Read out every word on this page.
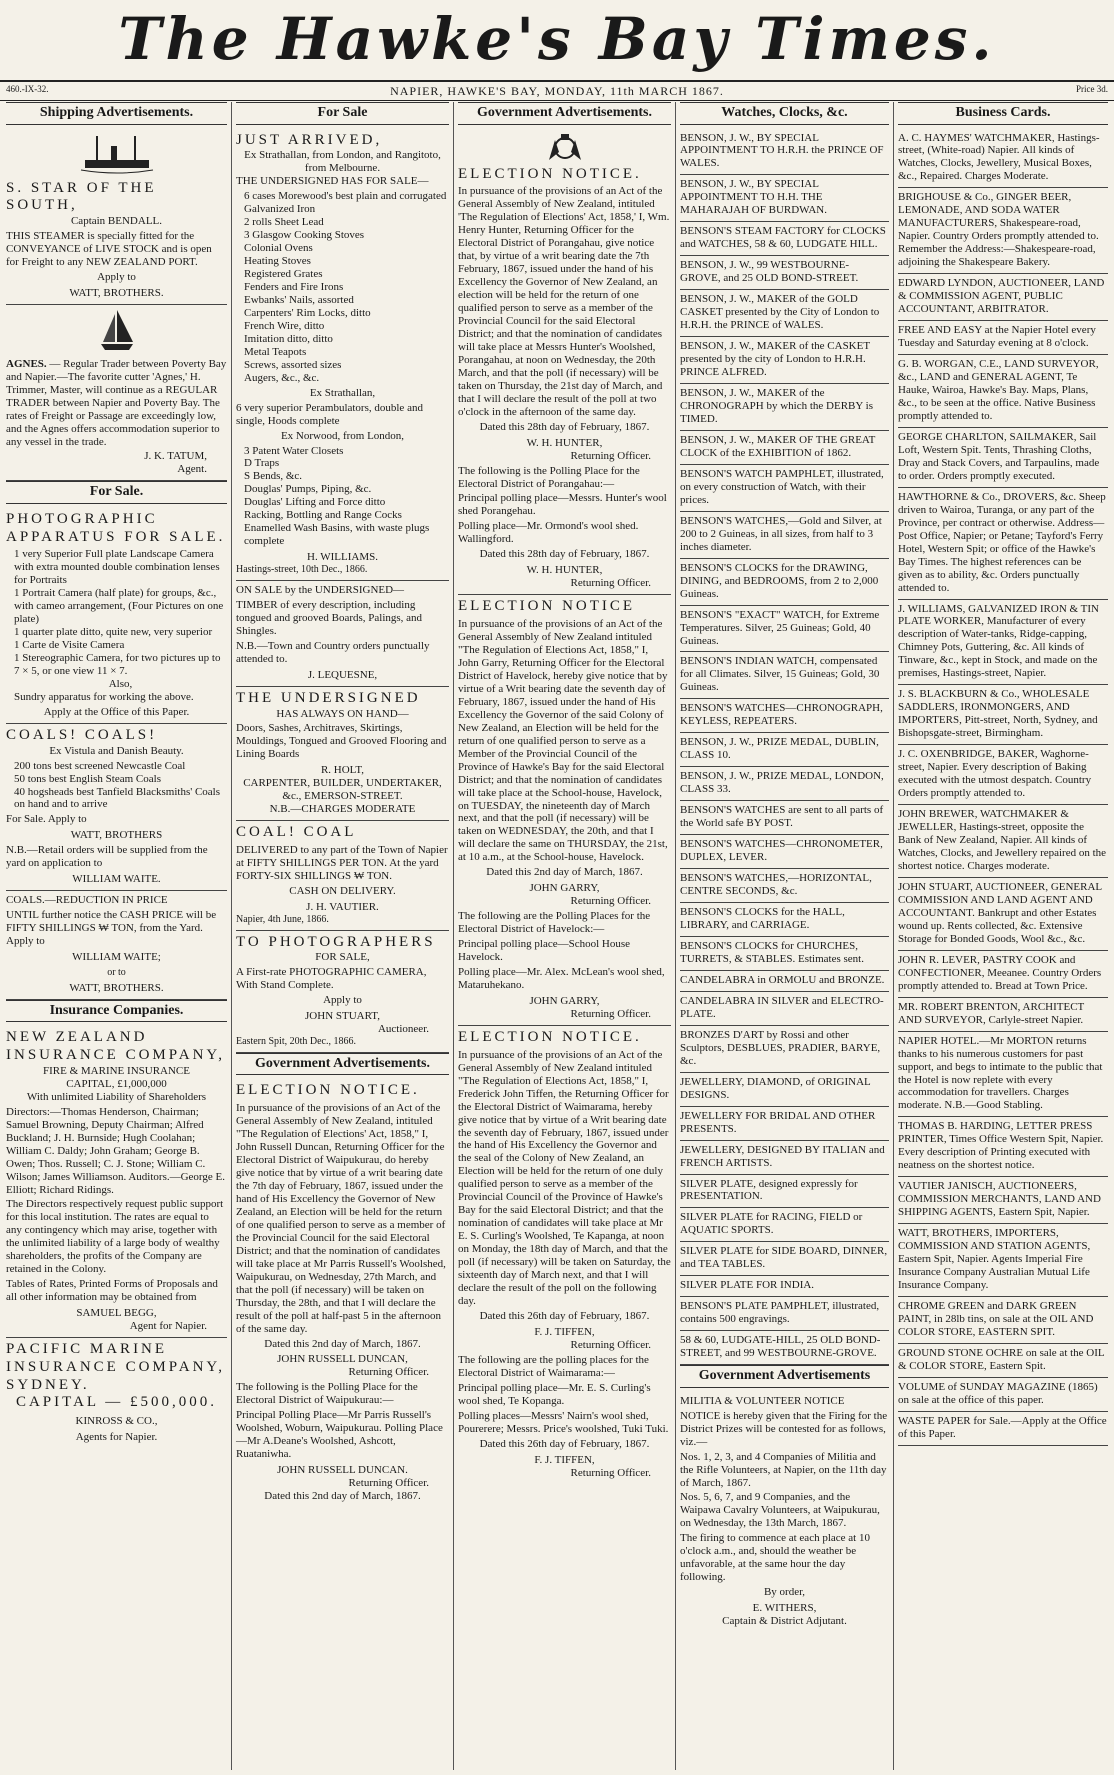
The Hawke's Bay Times.
460.-IX-32.	NAPIER, HAWKE'S BAY, MONDAY, 11th MARCH 1867.	Price 3d.
Shipping Advertisements.
S. STAR OF THE SOUTH,
Captain BENDALL.

THIS STEAMER is specially fitted for the CONVEYANCE of LIVE STOCK and is open for Freight to any NEW ZEALAND PORT.

Apply to
WATT, BROTHERS.

AGNES. — Regular Trader between Poverty Bay and Napier.—The favorite cutter 'Agnes,' H. Trimmer, Master, will continue as a REGULAR TRADER between Napier and Poverty Bay. The rates of Freight or Passage are exceedingly low, and the Agnes offers accommodation superior to any vessel in the trade.

J. K. TATUM,
Agent.
For Sale.
PHOTOGRAPHIC APPARATUS FOR SALE.
1 very Superior Full plate Landscape Camera with extra mounted double combination lenses for Portraits
1 Portrait Camera (half plate) for groups, &c., with cameo arrangement, (Four Pictures on one plate)
1 quarter plate ditto, quite new, very superior
1 Carte de Visite Camera
1 Stereographic Camera, for two pictures up to 7 × 5, or one view 11 × 7.
Also,
Sundry apparatus for working the above.
Apply at the Office of this Paper.
COALS! COALS!
Ex Vistula and Danish Beauty.
200 tons best screened Newcastle Coal
50 tons best English Steam Coals
40 hogsheads best Tanfield Blacksmiths' Coals on hand and to arrive
For Sale. Apply to
WATT, BROTHERS

N.B.—Retail orders will be supplied from the yard on application to

WILLIAM WAITE.
COALS.—REDUCTION IN PRICE

UNTIL further notice the CASH PRICE will be FIFTY SHILLINGS ₩ TON, from the Yard. Apply to

WILLIAM WAITE;
or to
WATT, BROTHERS.
Insurance Companies.
NEW ZEALAND INSURANCE COMPANY,
FIRE & MARINE INSURANCE
CAPITAL, £1,000,000
With unlimited Liability of Shareholders

Directors:—Thomas Henderson, Chairman; Samuel Browning, Deputy Chairman; Alfred Buckland; J. H. Burnside; Hugh Coolahan; William C. Daldy; John Graham; George B. Owen; Thos. Russell; C. J. Stone; William C. Wilson; James Williamson. Auditors.—George E. Elliott; Richard Ridings.

The Directors respectively request public support for this local institution. The rates are equal to any contingency which may arise, together with the unlimited liability of a large body of wealthy shareholders, the profits of the Company are retained in the Colony.

Tables of Rates, Printed Forms of Proposals and all other information may be obtained from

SAMUEL BEGG,
Agent for Napier.
PACIFIC MARINE INSURANCE COMPANY, SYDNEY.
CAPITAL — £500,000.
KINROSS & CO.,
Agents for Napier.
For Sale
JUST ARRIVED,
Ex Strathallan, from London, and Rangitoto, from Melbourne.
THE UNDERSIGNED HAS FOR SALE—
6 cases Morewood's best plain and corrugated Galvanized Iron
2 rolls Sheet Lead
3 Glasgow Cooking Stoves
Colonial Ovens
Heating Stoves
Registered Grates
Fenders and Fire Irons
Ewbanks' Nails, assorted
Carpenters' Rim Locks, ditto
French Wire, ditto
Imitation ditto, ditto
Metal Teapots
Screws, assorted sizes
Augers, &c., &c.
Ex Strathallan,

6 very superior Perambulators, double and single, Hoods complete

Ex Norwood, from London,
3 Patent Water Closets
D Traps
S Bends, &c.
Douglas' Pumps, Piping, &c.
Douglas' Lifting and Force ditto
Racking, Bottling and Range Cocks
Enamelled Wash Basins, with waste plugs complete
H. WILLIAMS.
Hastings-street, 10th Dec., 1866.
ON SALE by the UNDERSIGNED—

TIMBER of every description, including tongued and grooved Boards, Palings, and Shingles.

N.B.—Town and Country orders punctually attended to.

J. LEQUESNE,
THE UNDERSIGNED
HAS ALWAYS ON HAND—

Doors, Sashes, Architraves, Skirtings, Mouldings, Tongued and Grooved Flooring and Lining Boards

R. HOLT,
CARPENTER, BUILDER, UNDERTAKER, &c., EMERSON-STREET.
N.B.—CHARGES MODERATE
COAL! COAL

DELIVERED to any part of the Town of Napier at FIFTY SHILLINGS PER TON. At the yard FORTY-SIX SHILLINGS ₩ TON.

CASH ON DELIVERY.
J. H. VAUTIER.
Napier, 4th June, 1866.
TO PHOTOGRAPHERS
FOR SALE,

A First-rate PHOTOGRAPHIC CAMERA, With Stand Complete.

Apply to
JOHN STUART,
Auctioneer.
Eastern Spit, 20th Dec., 1866.
Government Advertisements.
ELECTION NOTICE.

In pursuance of the provisions of an Act of the General Assembly of New Zealand, intituled "The Regulation of Elections' Act, 1858," I, John Russell Duncan, Returning Officer for the Electoral District of Waipukurau, do hereby give notice that by virtue of a writ bearing date the 7th day of February, 1867, issued under the hand of His Excellency the Governor of New Zealand, an Election will be held for the return of one qualified person to serve as a member of the Provincial Council for the said Electoral District; and that the nomination of candidates will take place at Mr Parris Russell's Woolshed, Waipukurau, on Wednesday, 27th March, and that the poll (if necessary) will be taken on Thursday, the 28th, and that I will declare the result of the poll at half-past 5 in the afternoon of the same day.

Dated this 2nd day of March, 1867.
JOHN RUSSELL DUNCAN,
Returning Officer.

The following is the Polling Place for the Electoral District of Waipukurau:—

Principal Polling Place—Mr Parris Russell's Woolshed, Woburn, Waipukurau. Polling Place—Mr A.Deane's Woolshed, Ashcott, Ruataniwha.

JOHN RUSSELL DUNCAN.
Returning Officer.
Dated this 2nd day of March, 1867.
Government Advertisements.
ELECTION NOTICE.

In pursuance of the provisions of an Act of the General Assembly of New Zealand, intituled 'The Regulation of Elections' Act, 1858,' I, Wm. Henry Hunter, Returning Officer for the Electoral District of Porangahau, give notice that, by virtue of a writ bearing date the 7th February, 1867, issued under the hand of his Excellency the Governor of New Zealand, an election will be held for the return of one qualified person to serve as a member of the Provincial Council for the said Electoral District; and that the nomination of candidates will take place at Messrs Hunter's Woolshed, Porangahau, at noon on Wednesday, the 20th March, and that the poll (if necessary) will be taken on Thursday, the 21st day of March, and that I will declare the result of the poll at two o'clock in the afternoon of the same day.

Dated this 28th day of February, 1867.
W. H. HUNTER,
Returning Officer.

The following is the Polling Place for the Electoral District of Porangahau:—

Principal polling place—Messrs. Hunter's wool shed Porangehau.

Polling place—Mr. Ormond's wool shed. Wallingford.

Dated this 28th day of February, 1867.
W. H. HUNTER,
Returning Officer.
ELECTION NOTICE

In pursuance of the provisions of an Act of the General Assembly of New Zealand intituled "The Regulation of Elections Act, 1858," I, John Garry, Returning Officer for the Electoral District of Havelock, hereby give notice that by virtue of a Writ bearing date the seventh day of February, 1867, issued under the hand of His Excellency the Governor of the said Colony of New Zealand, an Election will be held for the return of one qualified person to serve as a Member of the Provincial Council of the Province of Hawke's Bay for the said Electoral District; and that the nomination of candidates will take place at the School-house, Havelock, on TUESDAY, the nineteenth day of March next, and that the poll (if necessary) will be taken on WEDNESDAY, the 20th, and that I will declare the same on THURSDAY, the 21st, at 10 a.m., at the School-house, Havelock.

Dated this 2nd day of March, 1867.
JOHN GARRY,
Returning Officer.

The following are the Polling Places for the Electoral District of Havelock:—

Principal polling place—School House Havelock.

Polling place—Mr. Alex. McLean's wool shed, Mataruhekano.

JOHN GARRY,
Returning Officer.
ELECTION NOTICE.

In pursuance of the provisions of an Act of the General Assembly of New Zealand intituled "The Regulation of Elections Act, 1858," I, Frederick John Tiffen, the Returning Officer for the Electoral District of Waimarama, hereby give notice that by virtue of a Writ bearing date the seventh day of February, 1867, issued under the hand of His Excellency the Governor and the seal of the Colony of New Zealand, an Election will be held for the return of one duly qualified person to serve as a member of the Provincial Council of the Province of Hawke's Bay for the said Electoral District; and that the nomination of candidates will take place at Mr E. S. Curling's Woolshed, Te Kapanga, at noon on Monday, the 18th day of March, and that the poll (if necessary) will be taken on Saturday, the sixteenth day of March next, and that I will declare the result of the poll on the following day.

Dated this 26th day of February, 1867.
F. J. TIFFEN,
Returning Officer.

The following are the polling places for the Electoral District of Waimarama:—

Principal polling place—Mr. E. S. Curling's wool shed, Te Kopanga.

Polling places—Messrs' Nairn's wool shed, Pourerere; Messrs. Price's woolshed, Tuki Tuki.

Dated this 26th day of February, 1867.
F. J. TIFFEN,
Returning Officer.
Watches, Clocks, &c.
BENSON, J. W., BY SPECIAL APPOINTMENT TO H.R.H. the PRINCE OF WALES.
BENSON, J. W., BY SPECIAL APPOINTMENT TO H.H. THE MAHARAJAH OF BURDWAN.
BENSON'S STEAM FACTORY for CLOCKS and WATCHES, 58 & 60, LUDGATE HILL.
BENSON, J. W., 99 WESTBOURNE-GROVE, and 25 OLD BOND-STREET.
BENSON, J. W., MAKER of the GOLD CASKET presented by the City of London to H.R.H. the PRINCE of WALES.
BENSON, J. W., MAKER of the CASKET presented by the city of London to H.R.H. PRINCE ALFRED.
BENSON, J. W., MAKER of the CHRONOGRAPH by which the DERBY is TIMED.
BENSON, J. W., MAKER OF THE GREAT CLOCK of the EXHIBITION of 1862.
BENSON'S WATCH PAMPHLET, illustrated, on every construction of Watch, with their prices.
BENSON'S WATCHES,—Gold and Silver, at 200 to 2 Guineas, in all sizes, from half to 3 inches diameter.
BENSON'S CLOCKS for the DRAWING, DINING, and BEDROOMS, from 2 to 2,000 Guineas.
BENSON'S "EXACT" WATCH, for Extreme Temperatures. Silver, 25 Guineas; Gold, 40 Guineas.
BENSON'S INDIAN WATCH, compensated for all Climates. Silver, 15 Guineas; Gold, 30 Guineas.
BENSON'S WATCHES—CHRONOGRAPH, KEYLESS, REPEATERS.
BENSON, J. W., PRIZE MEDAL, DUBLIN, CLASS 10.
BENSON, J. W., PRIZE MEDAL, LONDON, CLASS 33.
BENSON'S WATCHES are sent to all parts of the World safe BY POST.
BENSON'S WATCHES—CHRONOMETER, DUPLEX, LEVER.
BENSON'S WATCHES,—HORIZONTAL, CENTRE SECONDS, &c.
BENSON'S CLOCKS for the HALL, LIBRARY, and CARRIAGE.
BENSON'S CLOCKS for CHURCHES, TURRETS, & STABLES. Estimates sent.
CANDELABRA in ORMOLU and BRONZE.
CANDELABRA IN SILVER and ELECTRO-PLATE.
BRONZES D'ART by Rossi and other Sculptors, DESBLUES, PRADIER, BARYE, &c.
JEWELLERY, DIAMOND, of ORIGINAL DESIGNS.
JEWELLERY FOR BRIDAL AND OTHER PRESENTS.
JEWELLERY, DESIGNED BY ITALIAN and FRENCH ARTISTS.
SILVER PLATE, designed expressly for PRESENTATION.
SILVER PLATE for RACING, FIELD or AQUATIC SPORTS.
SILVER PLATE for SIDE BOARD, DINNER, and TEA TABLES.
SILVER PLATE FOR INDIA.
BENSON'S PLATE PAMPHLET, illustrated, contains 500 engravings.
58 & 60, LUDGATE-HILL, 25 OLD BOND-STREET, and 99 WESTBOURNE-GROVE.
Government Advertisements
MILITIA & VOLUNTEER NOTICE

NOTICE is hereby given that the Firing for the District Prizes will be contested for as follows, viz.—

Nos. 1, 2, 3, and 4 Companies of Militia and the Rifle Volunteers, at Napier, on the 11th day of March, 1867.

Nos. 5, 6, 7, and 9 Companies, and the Waipawa Cavalry Volunteers, at Waipukurau, on Wednesday, the 13th March, 1867.

The firing to commence at each place at 10 o'clock a.m., and, should the weather be unfavorable, at the same hour the day following.

By order,
E. WITHERS,
Captain & District Adjutant.
Business Cards.
A. C. HAYMES' WATCHMAKER, Hastings-street, (White-road) Napier. All kinds of Watches, Clocks, Jewellery, Musical Boxes, &c., Repaired. Charges Moderate.
BRIGHOUSE & Co., GINGER BEER, LEMONADE, AND SODA WATER MANUFACTURERS, Shakespeare-road, Napier. Country Orders promptly attended to. Remember the Address:—Shakespeare-road, adjoining the Shakespeare Bakery.
EDWARD LYNDON, AUCTIONEER, LAND & COMMISSION AGENT, PUBLIC ACCOUNTANT, ARBITRATOR.
FREE AND EASY at the Napier Hotel every Tuesday and Saturday evening at 8 o'clock.
G. B. WORGAN, C.E., LAND SURVEYOR, &c., LAND and GENERAL AGENT, Te Hauke, Wairoa, Hawke's Bay. Maps, Plans, &c., to be seen at the office. Native Business promptly attended to.
GEORGE CHARLTON, SAILMAKER, Sail Loft, Western Spit. Tents, Thrashing Cloths, Dray and Stack Covers, and Tarpaulins, made to order. Orders promptly executed.
HAWTHORNE & Co., DROVERS, &c. Sheep driven to Wairoa, Turanga, or any part of the Province, per contract or otherwise. Address—Post Office, Napier; or Petane; Tayford's Ferry Hotel, Western Spit; or office of the Hawke's Bay Times. The highest references can be given as to ability, &c. Orders punctually attended to.
J. WILLIAMS, GALVANIZED IRON & TIN PLATE WORKER, Manufacturer of every description of Water-tanks, Ridge-capping, Chimney Pots, Guttering, &c. All kinds of Tinware, &c., kept in Stock, and made on the premises, Hastings-street, Napier.
J. S. BLACKBURN & Co., WHOLESALE SADDLERS, IRONMONGERS, AND IMPORTERS, Pitt-street, North, Sydney, and Bishopsgate-street, Birmingham.
J. C. OXENBRIDGE, BAKER, Waghorne-street, Napier. Every description of Baking executed with the utmost despatch. Country Orders promptly attended to.
JOHN BREWER, WATCHMAKER & JEWELLER, Hastings-street, opposite the Bank of New Zealand, Napier. All kinds of Watches, Clocks, and Jewellery repaired on the shortest notice. Charges moderate.
JOHN STUART, AUCTIONEER, GENERAL COMMISSION AND LAND AGENT AND ACCOUNTANT. Bankrupt and other Estates wound up. Rents collected, &c. Extensive Storage for Bonded Goods, Wool &c., &c.
JOHN R. LEVER, PASTRY COOK and CONFECTIONER, Meeanee. Country Orders promptly attended to. Bread at Town Price.
MR. ROBERT BRENTON, ARCHITECT AND SURVEYOR, Carlyle-street Napier.
NAPIER HOTEL.—Mr MORTON returns thanks to his numerous customers for past support, and begs to intimate to the public that the Hotel is now replete with every accommodation for travellers. Charges moderate. N.B.—Good Stabling.
THOMAS B. HARDING, LETTER PRESS PRINTER, Times Office Western Spit, Napier. Every description of Printing executed with neatness on the shortest notice.
VAUTIER JANISCH, AUCTIONEERS, COMMISSION MERCHANTS, LAND AND SHIPPING AGENTS, Eastern Spit, Napier.
WATT, BROTHERS, IMPORTERS, COMMISSION AND STATION AGENTS, Eastern Spit, Napier. Agents Imperial Fire Insurance Company Australian Mutual Life Insurance Company.
CHROME GREEN and DARK GREEN PAINT, in 28lb tins, on sale at the OIL AND COLOR STORE, EASTERN SPIT.
GROUND STONE OCHRE on sale at the OIL & COLOR STORE, Eastern Spit.
VOLUME of SUNDAY MAGAZINE (1865) on sale at the office of this paper.
WASTE PAPER for Sale.—Apply at the Office of this Paper.
